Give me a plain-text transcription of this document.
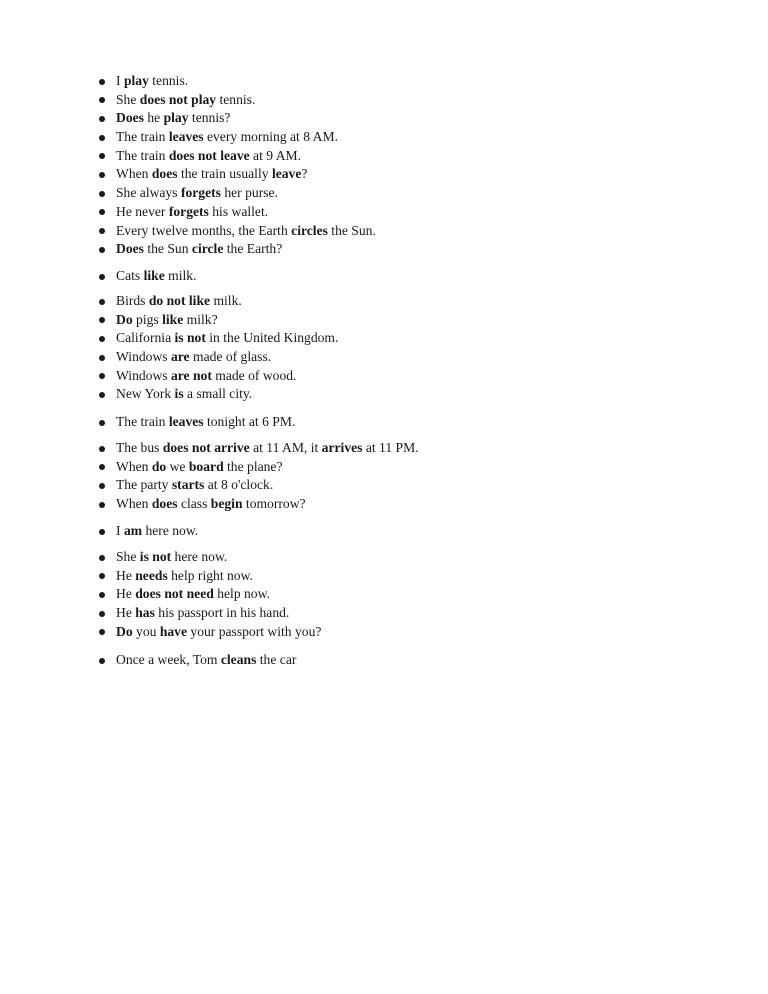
I play tennis.
She does not play tennis.
Does he play tennis?
The train leaves every morning at 8 AM.
The train does not leave at 9 AM.
When does the train usually leave?
She always forgets her purse.
He never forgets his wallet.
Every twelve months, the Earth circles the Sun.
Does the Sun circle the Earth?
Cats like milk.
Birds do not like milk.
Do pigs like milk?
California is not in the United Kingdom.
Windows are made of glass.
Windows are not made of wood.
New York is a small city.
The train leaves tonight at 6 PM.
The bus does not arrive at 11 AM, it arrives at 11 PM.
When do we board the plane?
The party starts at 8 o'clock.
When does class begin tomorrow?
I am here now.
She is not here now.
He needs help right now.
He does not need help now.
He has his passport in his hand.
Do you have your passport with you?
Once a week, Tom cleans the car
